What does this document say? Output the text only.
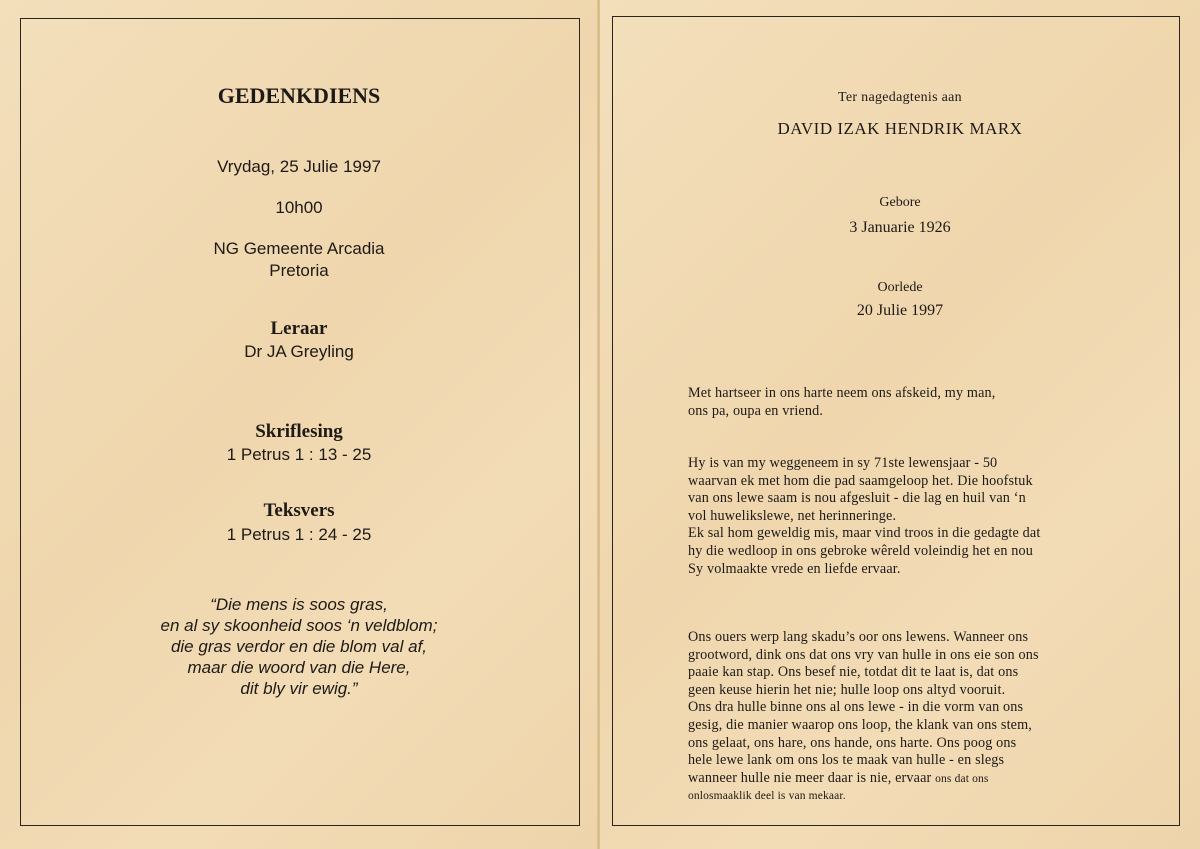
GEDENKDIENS
Vrydag, 25 Julie 1997
10h00
NG Gemeente Arcadia
Pretoria
Leraar
Dr JA Greyling
Skriflesing
1 Petrus 1 : 13 - 25
Teksvers
1 Petrus 1 : 24 - 25
“Die mens is soos gras,
en al sy skoonheid soos ‘n veldblom;
die gras verdor en die blom val af,
maar die woord van die Here,
dit bly vir ewig.”
Ter nagedagtenis aan
DAVID IZAK HENDRIK MARX
Gebore
3 Januarie 1926
Oorlede
20 Julie 1997
Met hartseer in ons harte neem ons afskeid, my man,
ons pa, oupa en vriend.
Hy is van my weggeneem in sy 71ste lewensjaar - 50
waarvan ek met hom die pad saamgeloop het. Die hoofstuk
van ons lewe saam is nou afgesluit - die lag en huil van ‘n
vol huwelikslewe, net herinneringe.
Ek sal hom geweldig mis, maar vind troos in die gedagte dat
hy die wedloop in ons gebroke wêreld voleindig het en nou
Sy volmaakte vrede en liefde ervaar.
Ons ouers werp lang skadu’s oor ons lewens. Wanneer ons
grootword, dink ons dat ons vry van hulle in ons eie son ons
paaie kan stap. Ons besef nie, totdat dit te laat is, dat ons
geen keuse hierin het nie; hulle loop ons altyd vooruit.
Ons dra hulle binne ons al ons lewe - in die vorm van ons
gesig, die manier waarop ons loop, the klank van ons stem,
ons gelaat, ons hare, ons hande, ons harte. Ons poog ons
hele lewe lank om ons los te maak van hulle - en slegs
wanneer hulle nie meer daar is nie, ervaar ons dat ons
onlosmaaklik deel is van mekaar.
